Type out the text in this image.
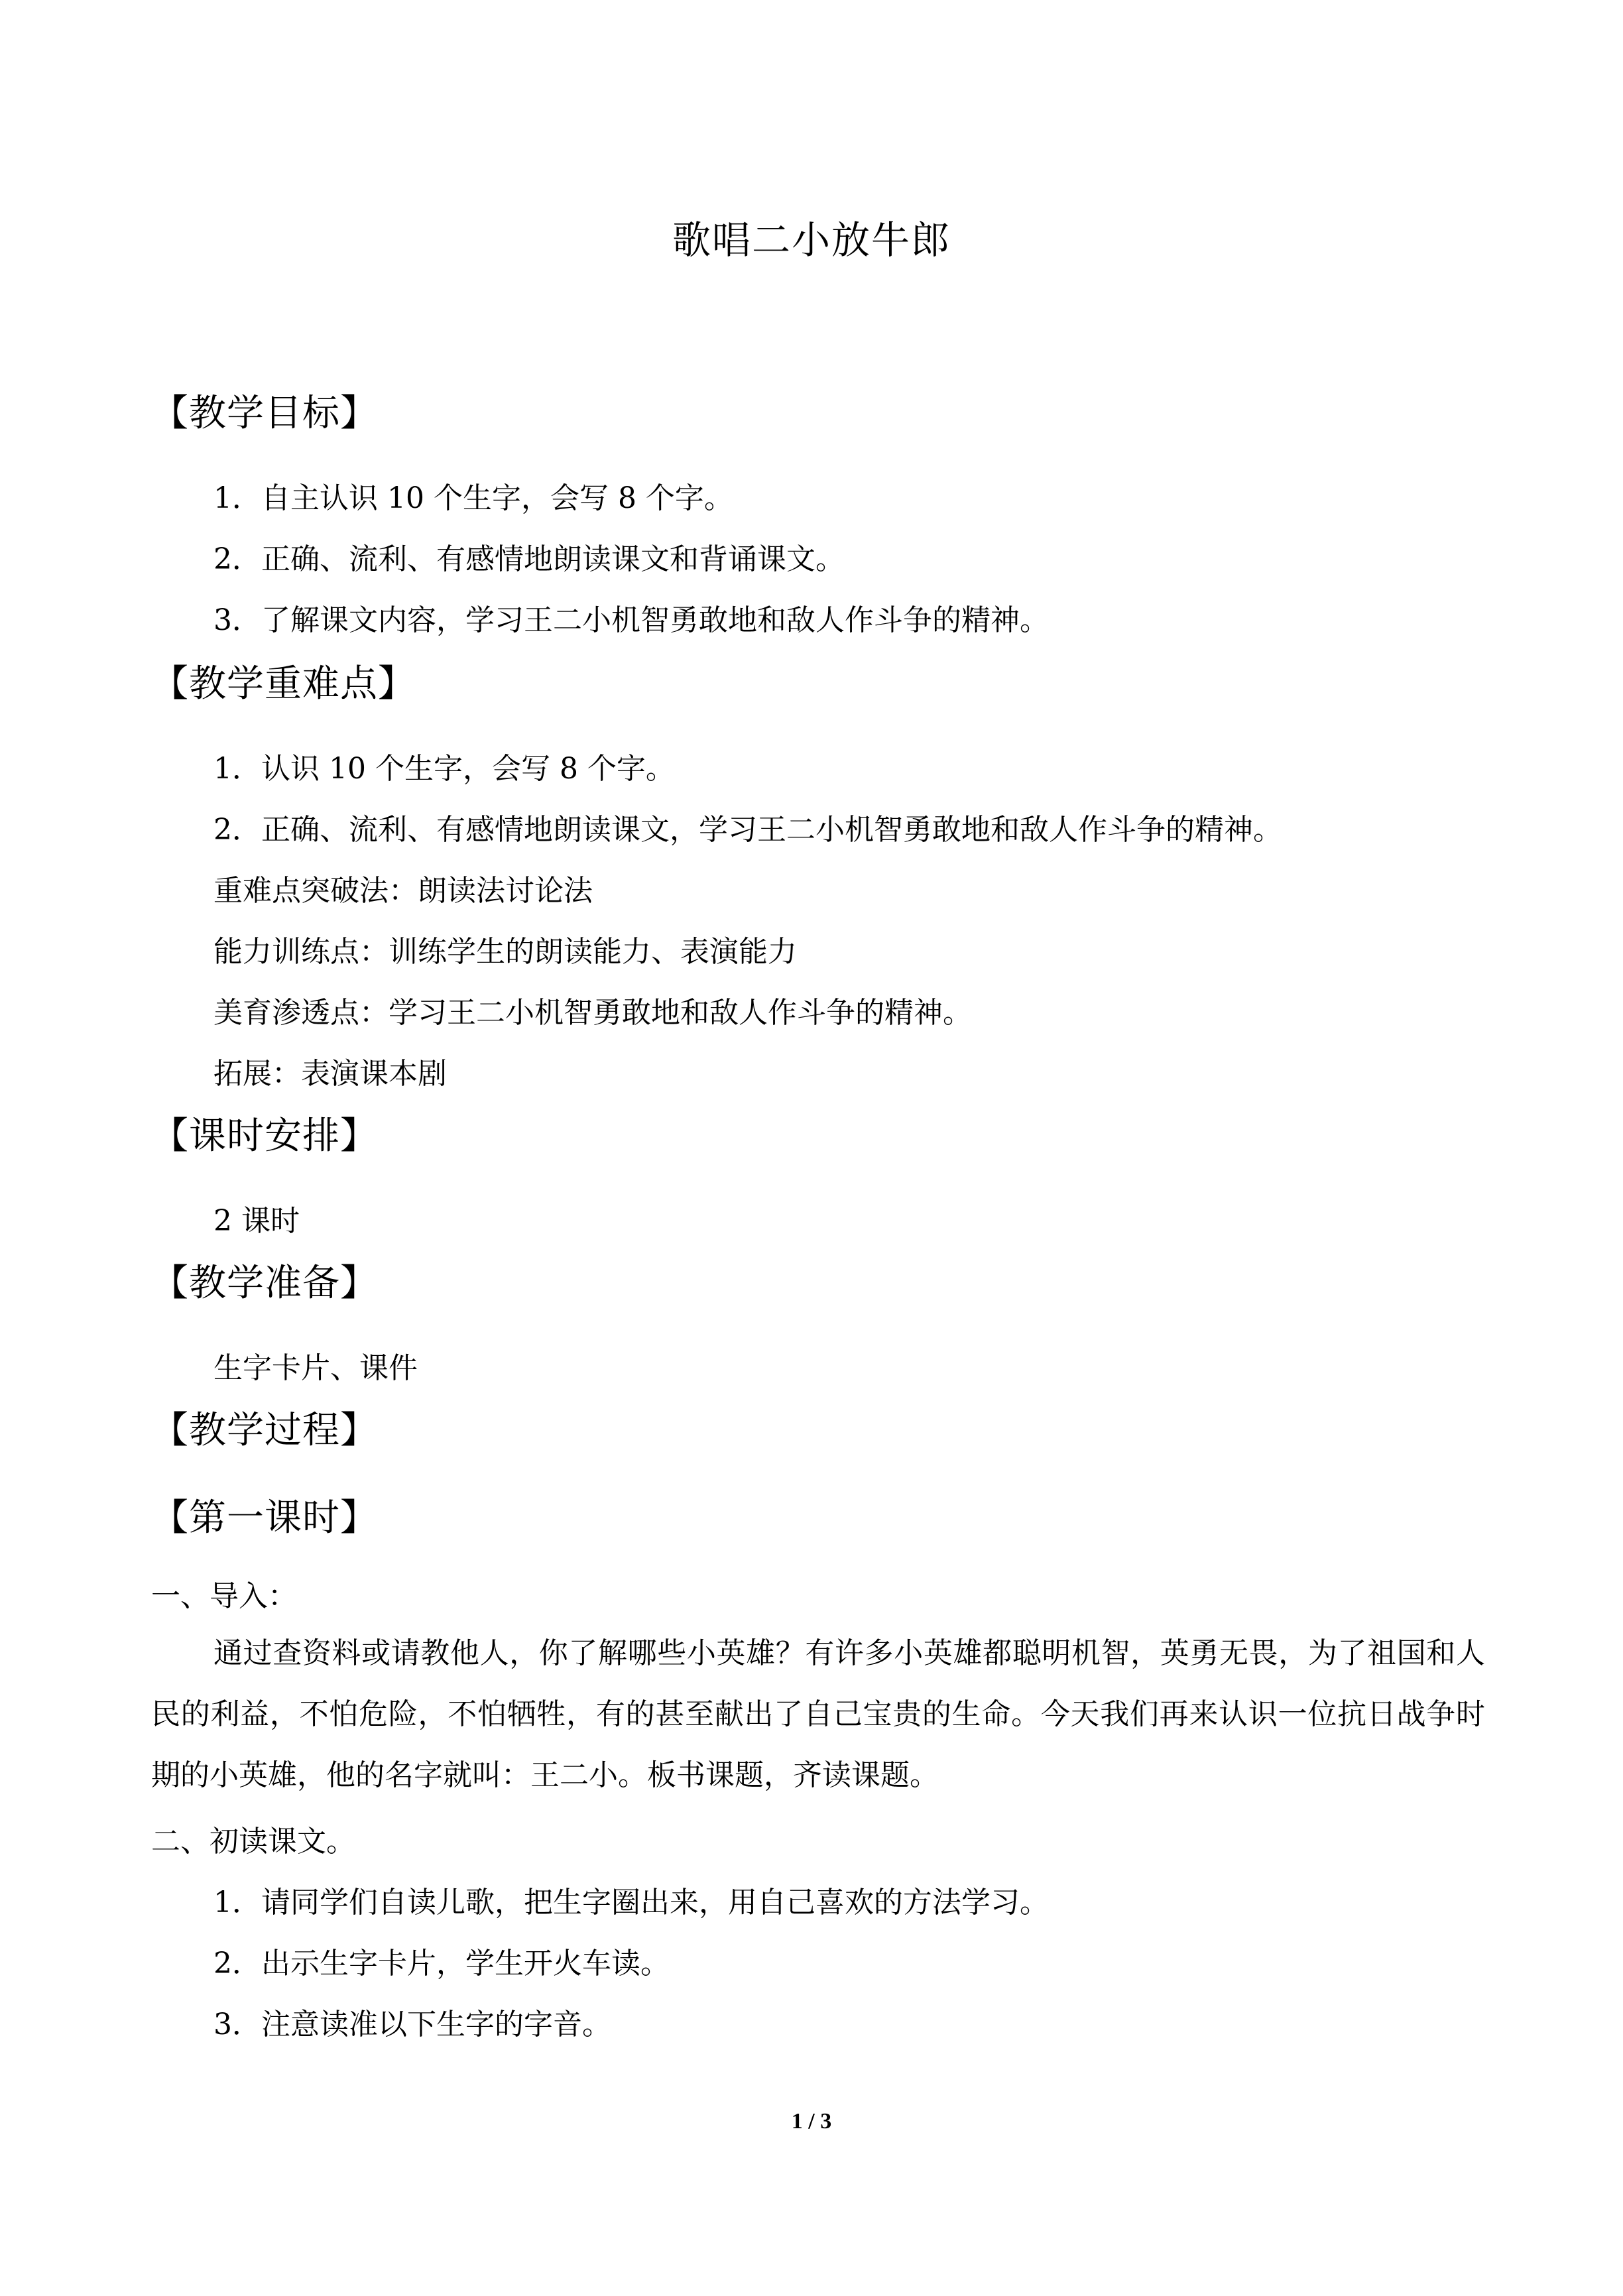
歌唱二小放牛郎
【教学目标】
1．自主认识 10 个生字，会写 8 个字。
2．正确、流利、有感情地朗读课文和背诵课文。
3．了解课文内容，学习王二小机智勇敢地和敌人作斗争的精神。
【教学重难点】
1．认识 10 个生字，会写 8 个字。
2．正确、流利、有感情地朗读课文，学习王二小机智勇敢地和敌人作斗争的精神。
重难点突破法：朗读法讨论法
能力训练点：训练学生的朗读能力、表演能力
美育渗透点：学习王二小机智勇敢地和敌人作斗争的精神。
拓展：表演课本剧
【课时安排】
2 课时
【教学准备】
生字卡片、课件
【教学过程】
【第一课时】
一、导入：
通过查资料或请教他人，你了解哪些小英雄？有许多小英雄都聪明机智，英勇无畏，为了祖国和人民的利益，不怕危险，不怕牺牲，有的甚至献出了自己宝贵的生命。今天我们再来认识一位抗日战争时期的小英雄，他的名字就叫：王二小。板书课题，齐读课题。
二、初读课文。
1．请同学们自读儿歌，把生字圈出来，用自己喜欢的方法学习。
2．出示生字卡片，学生开火车读。
3．注意读准以下生字的字音。
1 / 3
